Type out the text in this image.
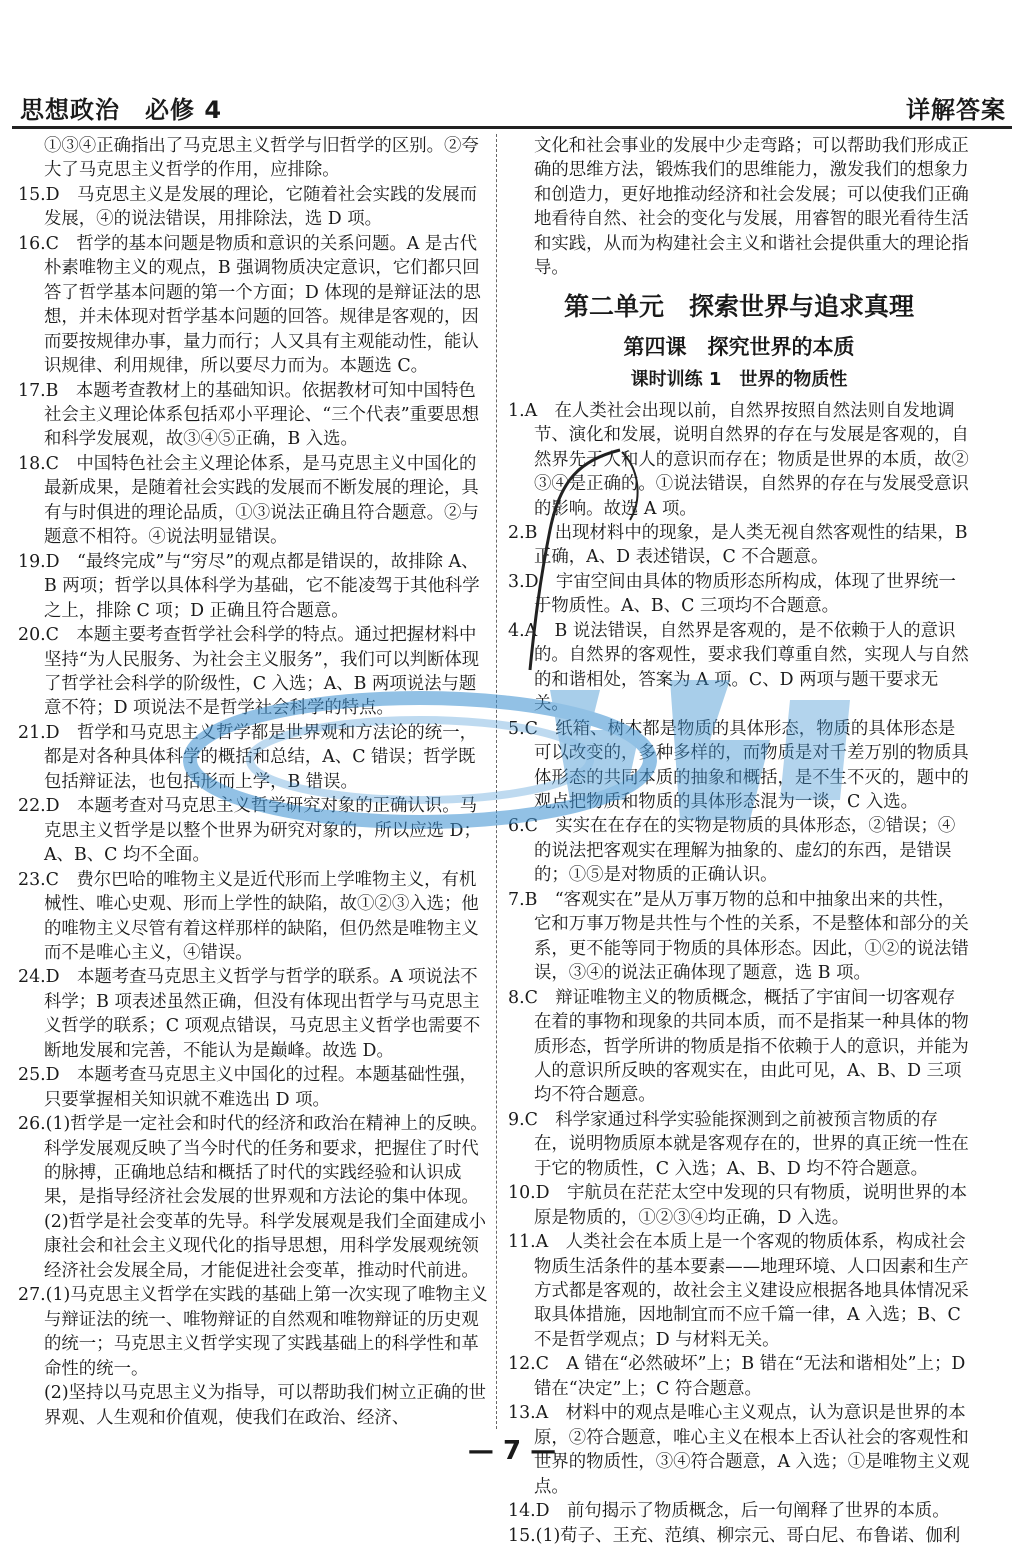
思想政治　必修 4	详解答案

①③④正确指出了马克思主义哲学与旧哲学的区别。②夸大了马克思主义哲学的作用，应排除。

15.D　马克思主义是发展的理论，它随着社会实践的发展而发展，④的说法错误，用排除法，选 D 项。

16.C　哲学的基本问题是物质和意识的关系问题。A 是古代朴素唯物主义的观点，B 强调物质决定意识，它们都只回答了哲学基本问题的第一个方面；D 体现的是辩证法的思想，并未体现对哲学基本问题的回答。规律是客观的，因而要按规律办事，量力而行；人又具有主观能动性，能认识规律、利用规律，所以要尽力而为。本题选 C。

17.B　本题考查教材上的基础知识。依据教材可知中国特色社会主义理论体系包括邓小平理论、“三个代表”重要思想和科学发展观，故③④⑤正确，B 入选。

18.C　中国特色社会主义理论体系，是马克思主义中国化的最新成果，是随着社会实践的发展而不断发展的理论，具有与时俱进的理论品质，①③说法正确且符合题意。②与题意不相符。④说法明显错误。

19.D　“最终完成”与“穷尽”的观点都是错误的，故排除 A、B 两项；哲学以具体科学为基础，它不能凌驾于其他科学之上，排除 C 项；D 正确且符合题意。

20.C　本题主要考查哲学社会科学的特点。通过把握材料中坚持“为人民服务、为社会主义服务”，我们可以判断体现了哲学社会科学的阶级性，C 入选；A、B 两项说法与题意不符；D 项说法不是哲学社会科学的特点。

21.D　哲学和马克思主义哲学都是世界观和方法论的统一，都是对各种具体科学的概括和总结，A、C 错误；哲学既包括辩证法，也包括形而上学，B 错误。

22.D　本题考查对马克思主义哲学研究对象的正确认识。马克思主义哲学是以整个世界为研究对象的，所以应选 D；A、B、C 均不全面。

23.C　费尔巴哈的唯物主义是近代形而上学唯物主义，有机械性、唯心史观、形而上学性的缺陷，故①②③入选；他的唯物主义尽管有着这样那样的缺陷，但仍然是唯物主义而不是唯心主义，④错误。

24.D　本题考查马克思主义哲学与哲学的联系。A 项说法不科学；B 项表述虽然正确，但没有体现出哲学与马克思主义哲学的联系；C 项观点错误，马克思主义哲学也需要不断地发展和完善，不能认为是巅峰。故选 D。

25.D　本题考查马克思主义中国化的过程。本题基础性强，只要掌握相关知识就不难选出 D 项。

26.(1)哲学是一定社会和时代的经济和政治在精神上的反映。科学发展观反映了当今时代的任务和要求，把握住了时代的脉搏，正确地总结和概括了时代的实践经验和认识成果，是指导经济社会发展的世界观和方法论的集中体现。

(2)哲学是社会变革的先导。科学发展观是我们全面建成小康社会和社会主义现代化的指导思想，用科学发展观统领经济社会发展全局，才能促进社会变革，推动时代前进。

27.(1)马克思主义哲学在实践的基础上第一次实现了唯物主义与辩证法的统一、唯物辩证的自然观和唯物辩证的历史观的统一；马克思主义哲学实现了实践基础上的科学性和革命性的统一。

(2)坚持以马克思主义为指导，可以帮助我们树立正确的世界观、人生观和价值观，使我们在政治、经济、

文化和社会事业的发展中少走弯路；可以帮助我们形成正确的思维方法，锻炼我们的思维能力，激发我们的想象力和创造力，更好地推动经济和社会发展；可以使我们正确地看待自然、社会的变化与发展，用睿智的眼光看待生活和实践，从而为构建社会主义和谐社会提供重大的理论指导。

第二单元　探索世界与追求真理
第四课　探究世界的本质
课时训练 1　世界的物质性

1.A　在人类社会出现以前，自然界按照自然法则自发地调节、演化和发展，说明自然界的存在与发展是客观的，自然界先于人和人的意识而存在；物质是世界的本质，故②③④是正确的。①说法错误，自然界的存在与发展受意识的影响。故选 A 项。

2.B　出现材料中的现象，是人类无视自然客观性的结果，B 正确，A、D 表述错误，C 不合题意。

3.D　宇宙空间由具体的物质形态所构成，体现了世界统一于物质性。A、B、C 三项均不合题意。

4.A　B 说法错误，自然界是客观的，是不依赖于人的意识的。自然界的客观性，要求我们尊重自然，实现人与自然的和谐相处，答案为 A 项。C、D 两项与题干要求无关。

5.C　纸箱、树木都是物质的具体形态，物质的具体形态是可以改变的，多种多样的，而物质是对千差万别的物质具体形态的共同本质的抽象和概括，是不生不灭的，题中的观点把物质和物质的具体形态混为一谈，C 入选。

6.C　实实在在存在的实物是物质的具体形态，②错误；④的说法把客观实在理解为抽象的、虚幻的东西，是错误的；①⑤是对物质的正确认识。

7.B　“客观实在”是从万事万物的总和中抽象出来的共性，它和万事万物是共性与个性的关系，不是整体和部分的关系，更不能等同于物质的具体形态。因此，①②的说法错误，③④的说法正确体现了题意，选 B 项。

8.C　辩证唯物主义的物质概念，概括了宇宙间一切客观存在着的事物和现象的共同本质，而不是指某一种具体的物质形态，哲学所讲的物质是指不依赖于人的意识，并能为人的意识所反映的客观实在，由此可见，A、B、D 三项均不符合题意。

9.C　科学家通过科学实验能探测到之前被预言物质的存在，说明物质原本就是客观存在的，世界的真正统一性在于它的物质性，C 入选；A、B、D 均不符合题意。

10.D　宇航员在茫茫太空中发现的只有物质，说明世界的本原是物质的，①②③④均正确，D 入选。

11.A　人类社会在本质上是一个客观的物质体系，构成社会物质生活条件的基本要素——地理环境、人口因素和生产方式都是客观的，故社会主义建设应根据各地具体情况采取具体措施，因地制宜而不应千篇一律，A 入选；B、C 不是哲学观点；D 与材料无关。

12.C　A 错在“必然破坏”上；B 错在“无法和谐相处”上；D 错在“决定”上；C 符合题意。

13.A　材料中的观点是唯心主义观点，认为意识是世界的本原，②符合题意，唯心主义在根本上否认社会的客观性和世界的物质性，③④符合题意，A 入选；①是唯物主义观点。

14.D　前句揭示了物质概念，后一句阐释了世界的本质。

15.(1)荀子、王充、范缜、柳宗元、哥白尼、布鲁诺、伽利

— 7 —
